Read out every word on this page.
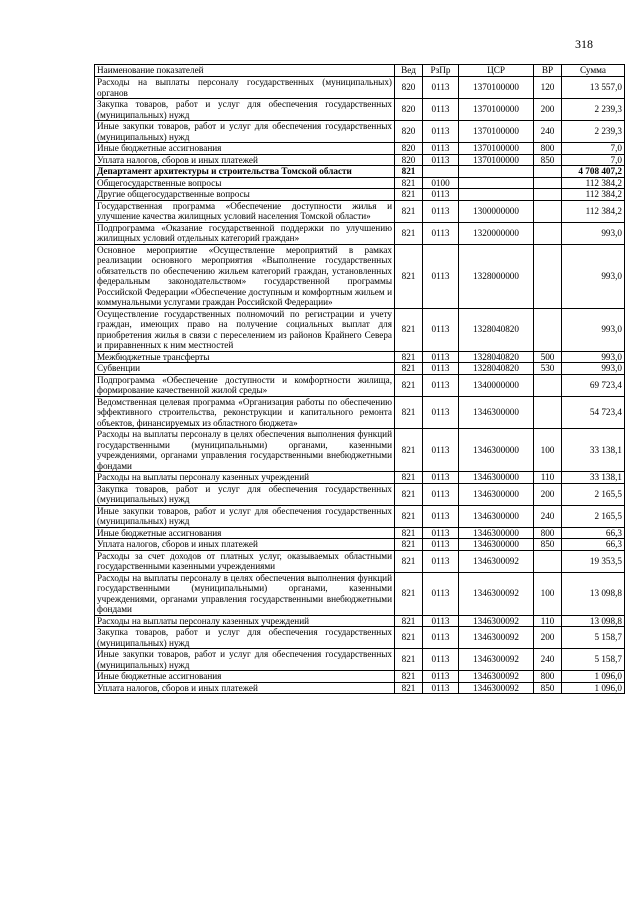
318
Наименование показателей	Вед	РзПр	ЦСР	ВР	Сумма
Расходы на выплаты персоналу государственных (муниципальных) органов	820	0113	1370100000	120	13 557,0
Закупка товаров, работ и услуг для обеспечения государственных (муниципальных) нужд	820	0113	1370100000	200	2 239,3
Иные закупки товаров, работ и услуг для обеспечения государственных (муниципальных) нужд	820	0113	1370100000	240	2 239,3
Иные бюджетные ассигнования	820	0113	1370100000	800	7,0
Уплата налогов, сборов и иных платежей	820	0113	1370100000	850	7,0
Департамент архитектуры и строительства Томской области	821				4 708 407,2
Общегосударственные вопросы	821	0100			112 384,2
Другие общегосударственные вопросы	821	0113			112 384,2
Государственная программа «Обеспечение доступности жилья и улучшение качества жилищных условий населения Томской области»	821	0113	1300000000		112 384,2
Подпрограмма «Оказание государственной поддержки по улучшению жилищных условий отдельных категорий граждан»	821	0113	1320000000		993,0
Основное мероприятие «Осуществление мероприятий в рамках реализации основного мероприятия «Выполнение государственных обязательств по обеспечению жильем категорий граждан, установленных федеральным законодательством» государственной программы Российской Федерации «Обеспечение доступным и комфортным жильем и коммунальными услугами граждан Российской Федерации»	821	0113	1328000000		993,0
Осуществление государственных полномочий по регистрации и учету граждан, имеющих право на получение социальных выплат для приобретения жилья в связи с переселением из районов Крайнего Севера и приравненных к ним местностей	821	0113	1328040820		993,0
Межбюджетные трансферты	821	0113	1328040820	500	993,0
Субвенции	821	0113	1328040820	530	993,0
Подпрограмма «Обеспечение доступности и комфортности жилища, формирование качественной жилой среды»	821	0113	1340000000		69 723,4
Ведомственная целевая программа «Организация работы по обеспечению эффективного строительства, реконструкции и капитального ремонта объектов, финансируемых из областного бюджета»	821	0113	1346300000		54 723,4
Расходы на выплаты персоналу в целях обеспечения выполнения функций государственными (муниципальными) органами, казенными учреждениями, органами управления государственными внебюджетными фондами	821	0113	1346300000	100	33 138,1
Расходы на выплаты персоналу казенных учреждений	821	0113	1346300000	110	33 138,1
Закупка товаров, работ и услуг для обеспечения государственных (муниципальных) нужд	821	0113	1346300000	200	2 165,5
Иные закупки товаров, работ и услуг для обеспечения государственных (муниципальных) нужд	821	0113	1346300000	240	2 165,5
Иные бюджетные ассигнования	821	0113	1346300000	800	66,3
Уплата налогов, сборов и иных платежей	821	0113	1346300000	850	66,3
Расходы за счет доходов от платных услуг, оказываемых областными государственными казенными учреждениями	821	0113	1346300092		19 353,5
Расходы на выплаты персоналу в целях обеспечения выполнения функций государственными (муниципальными) органами, казенными учреждениями, органами управления государственными внебюджетными фондами	821	0113	1346300092	100	13 098,8
Расходы на выплаты персоналу казенных учреждений	821	0113	1346300092	110	13 098,8
Закупка товаров, работ и услуг для обеспечения государственных (муниципальных) нужд	821	0113	1346300092	200	5 158,7
Иные закупки товаров, работ и услуг для обеспечения государственных (муниципальных) нужд	821	0113	1346300092	240	5 158,7
Иные бюджетные ассигнования	821	0113	1346300092	800	1 096,0
Уплата налогов, сборов и иных платежей	821	0113	1346300092	850	1 096,0
